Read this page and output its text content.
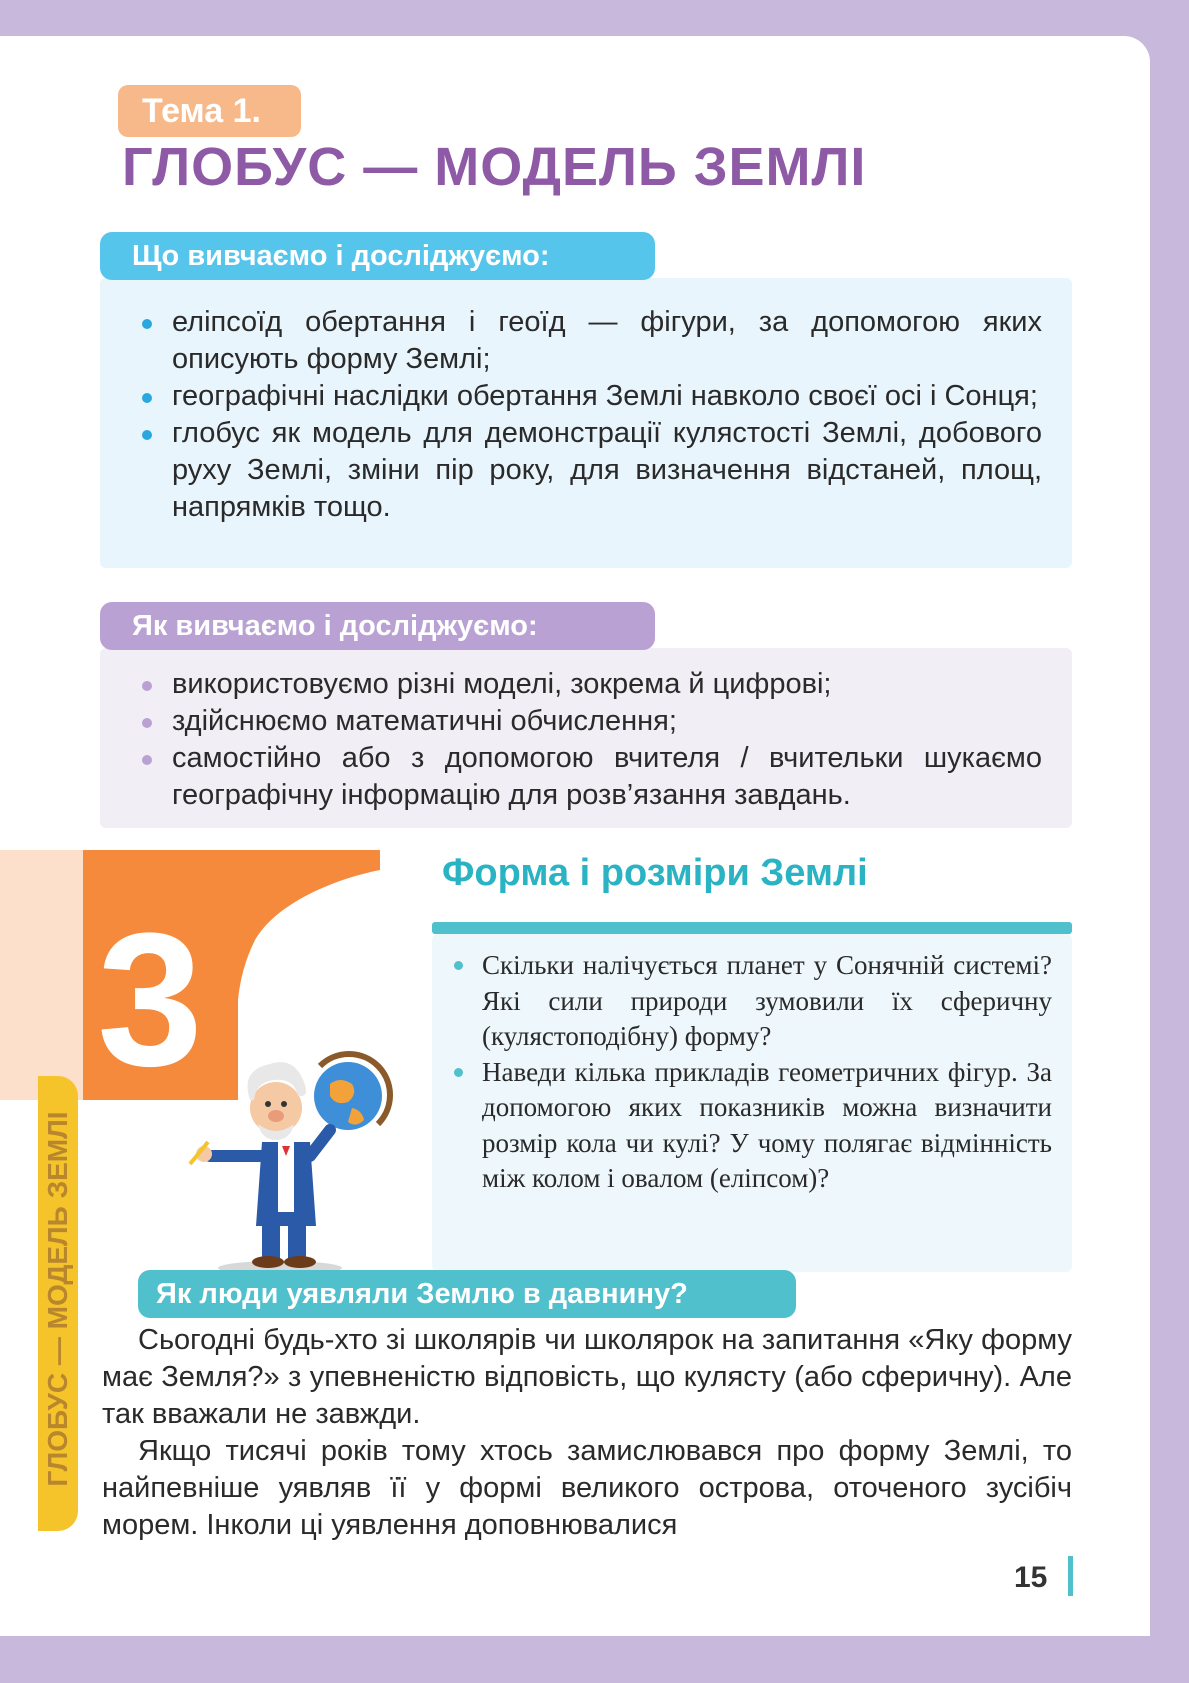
Тема 1.
ГЛОБУС — МОДЕЛЬ ЗЕМЛІ
еліпсоїд обертання і геоїд — фігури, за допомогою яких описують форму Землі;
географічні наслідки обертання Землі навколо своєї осі і Сонця;
глобус як модель для демонстрації кулястості Землі, добового руху Землі, зміни пір року, для визначення відстаней, площ, напрямків тощо.
Що вивчаємо і досліджуємо:
використовуємо різні моделі, зокрема й цифрові;
здійснюємо математичні обчислення;
самостійно або з допомогою вчителя / вчительки шукаємо географічну інформацію для розв’язання завдань.
Як вивчаємо і досліджуємо:
3
Форма і розміри Землі
Скільки налічується планет у Сонячній системі? Які сили природи зумовили їх сферичну (кулястоподібну) форму?
Наведи кілька прикладів геометричних фігур. За допомогою яких показників можна визначити розмір кола чи кулі? У чому полягає відмінність між колом і овалом (еліпсом)?
Як люди уявляли Землю в давнину?

Сьогодні будь-хто зі школярів чи школярок на запитання «Яку форму має Земля?» з упевненістю відповість, що кулясту (або сферичну). Але так вважали не завжди.

Якщо тисячі років тому хтось замислювався про форму Землі, то найпевніше уявляв її у формі великого острова, оточеного зусібіч морем. Інколи ці уявлення доповнювалися

ГЛОБУС — МОДЕЛЬ ЗЕМЛІ
15
